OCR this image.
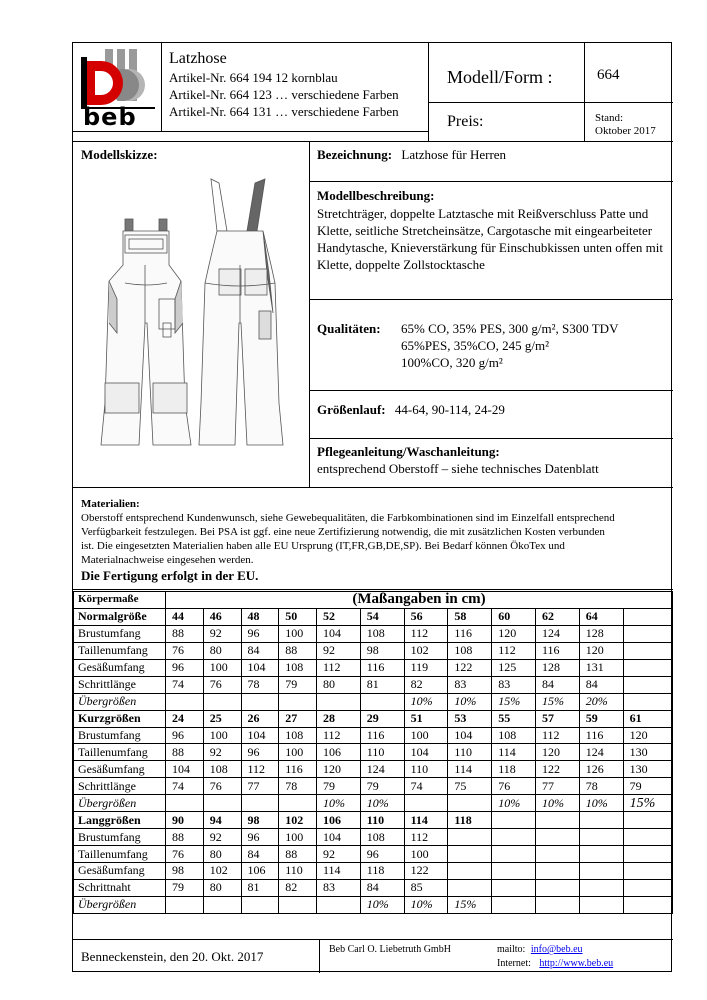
beb
Latzhose
Artikel-Nr. 664 194 12 kornblau
Artikel-Nr. 664 123 … verschiedene Farben
Artikel-Nr. 664 131 … verschiedene Farben
Modell/Form :	664
Preis:	Stand:
Oktober 2017
Modellskizze:	Bezeichnung: Latzhose für Herren
Modellbeschreibung:
Stretchträger, doppelte Latztasche mit Reißverschluss Patte und Klette, seitliche Stretcheinsätze, Cargotasche mit eingearbeiteter Handytasche, Knieverstärkung für Einschubkissen unten offen mit Klette, doppelte Zollstocktasche
Qualitäten: 65% CO, 35% PES, 300 g/m², S300 TDV
65%PES, 35%CO, 245 g/m²
100%CO, 320 g/m²
Größenlauf: 44-64, 90-114, 24-29
Pflegeanleitung/Waschanleitung:
entsprechend Oberstoff – siehe technisches Datenblatt
Materialien:
Oberstoff entsprechend Kundenwunsch, siehe Gewebequalitäten, die Farbkombinationen sind im Einzelfall entsprechend
Verfügbarkeit festzulegen. Bei PSA ist ggf. eine neue Zertifizierung notwendig, die mit zusätzlichen Kosten verbunden
ist. Die eingesetzten Materialien haben alle EU Ursprung (IT,FR,GB,DE,SP). Bei Bedarf können ÖkoTex und
Materialnachweise eingesehen werden.
Die Fertigung erfolgt in der EU.
Körpermaße	(Maßangaben in cm)											
Normalgröße	44	46	48	50	52	54	56	58	60	62	64	
Brustumfang	88	92	96	100	104	108	112	116	120	124	128	
Taillenumfang	76	80	84	88	92	98	102	108	112	116	120	
Gesäßumfang	96	100	104	108	112	116	119	122	125	128	131	
Schrittlänge	74	76	78	79	80	81	82	83	83	84	84	
Übergrößen							10%	10%	15%	15%	20%	
Kurzgrößen	24	25	26	27	28	29	51	53	55	57	59	61
Brustumfang	96	100	104	108	112	116	100	104	108	112	116	120
Taillenumfang	88	92	96	100	106	110	104	110	114	120	124	130
Gesäßumfang	104	108	112	116	120	124	110	114	118	122	126	130
Schrittlänge	74	76	77	78	79	79	74	75	76	77	78	79
Übergrößen					10%	10%			10%	10%	10%	15%
Langgrößen	90	94	98	102	106	110	114	118				
Brustumfang	88	92	96	100	104	108	112					
Taillenumfang	76	80	84	88	92	96	100					
Gesäßumfang	98	102	106	110	114	118	122					
Schrittnaht	79	80	81	82	83	84	85					
Übergrößen						10%	10%	15%				
Benneckenstein, den 20. Okt. 2017	Beb Carl O. Liebetruth GmbH	mailto: info@beb.eu
Internet: http://www.beb.eu
